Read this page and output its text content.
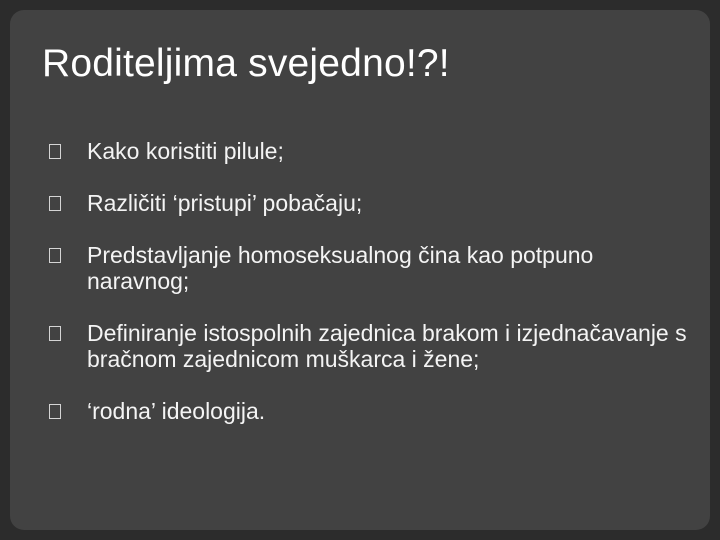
Roditeljima svejedno!?!
Kako koristiti pilule;
Različiti ‘pristupi’ pobačaju;
Predstavljanje homoseksualnog čina kao potpuno naravnog;
Definiranje istospolnih zajednica brakom i izjednačavanje s bračnom zajednicom muškarca i žene;
‘rodna’ ideologija.
